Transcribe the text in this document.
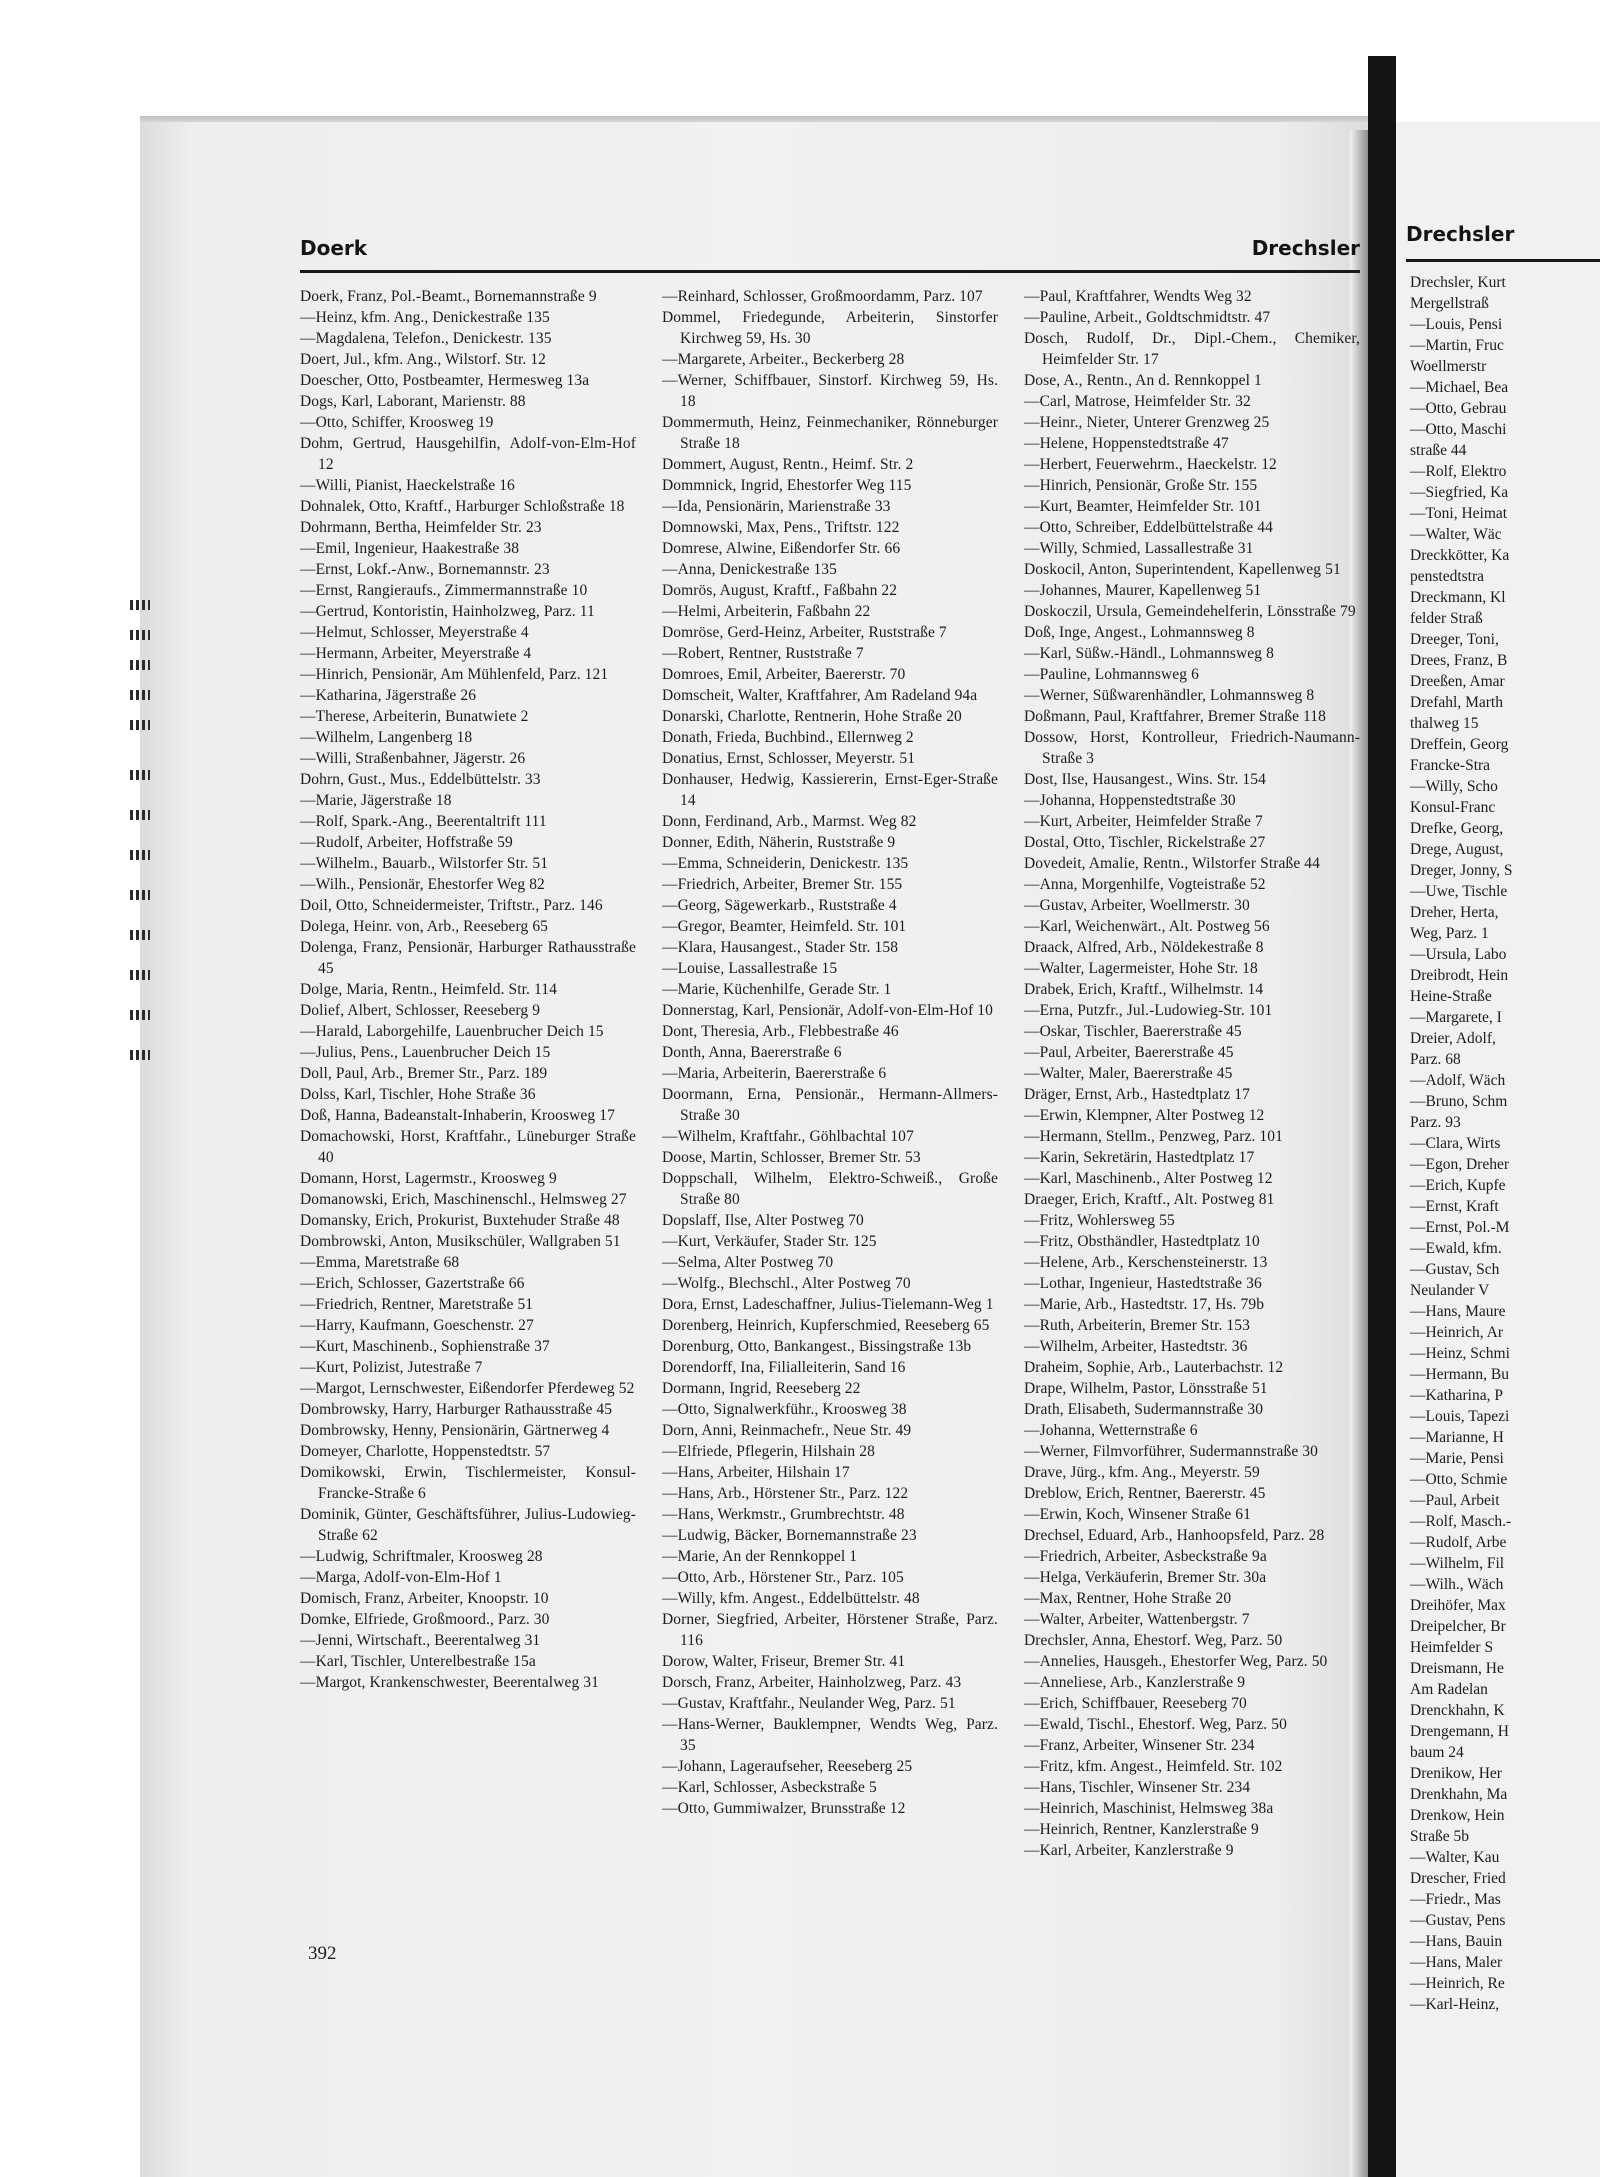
Doerk	Drechsler
Doerk, Franz, Pol.-Beamt., Bornemannstraße 9
—Heinz, kfm. Ang., Denickestraße 135
—Magdalena, Telefon., Denickestr. 135
Doert, Jul., kfm. Ang., Wilstorf. Str. 12
Doescher, Otto, Postbeamter, Hermesweg 13a
Dogs, Karl, Laborant, Marienstr. 88
—Otto, Schiffer, Kroosweg 19
Dohm, Gertrud, Hausgehilfin, Adolf-von-Elm-Hof 12
—Willi, Pianist, Haeckelstraße 16
Dohnalek, Otto, Kraftf., Harburger Schloßstraße 18
Dohrmann, Bertha, Heimfelder Str. 23
—Emil, Ingenieur, Haakestraße 38
—Ernst, Lokf.-Anw., Bornemannstr. 23
—Ernst, Rangieraufs., Zimmermannstraße 10
—Gertrud, Kontoristin, Hainholzweg, Parz. 11
—Helmut, Schlosser, Meyerstraße 4
—Hermann, Arbeiter, Meyerstraße 4
—Hinrich, Pensionär, Am Mühlenfeld, Parz. 121
—Katharina, Jägerstraße 26
—Therese, Arbeiterin, Bunatwiete 2
—Wilhelm, Langenberg 18
—Willi, Straßenbahner, Jägerstr. 26
Dohrn, Gust., Mus., Eddelbüttelstr. 33
—Marie, Jägerstraße 18
—Rolf, Spark.-Ang., Beerentaltrift 111
—Rudolf, Arbeiter, Hoffstraße 59
—Wilhelm., Bauarb., Wilstorfer Str. 51
—Wilh., Pensionär, Ehestorfer Weg 82
Doil, Otto, Schneidermeister, Triftstr., Parz. 146
Dolega, Heinr. von, Arb., Reeseberg 65
Dolenga, Franz, Pensionär, Harburger Rathausstraße 45
Dolge, Maria, Rentn., Heimfeld. Str. 114
Dolief, Albert, Schlosser, Reeseberg 9
—Harald, Laborgehilfe, Lauenbrucher Deich 15
—Julius, Pens., Lauenbrucher Deich 15
Doll, Paul, Arb., Bremer Str., Parz. 189
Dolss, Karl, Tischler, Hohe Straße 36
Doß, Hanna, Badeanstalt-Inhaberin, Kroosweg 17
Domachowski, Horst, Kraftfahr., Lüneburger Straße 40
Domann, Horst, Lagermstr., Kroosweg 9
Domanowski, Erich, Maschinenschl., Helmsweg 27
Domansky, Erich, Prokurist, Buxtehuder Straße 48
Dombrowski, Anton, Musikschüler, Wallgraben 51
—Emma, Maretstraße 68
—Erich, Schlosser, Gazertstraße 66
—Friedrich, Rentner, Maretstraße 51
—Harry, Kaufmann, Goeschenstr. 27
—Kurt, Maschinenb., Sophienstraße 37
—Kurt, Polizist, Jutestraße 7
—Margot, Lernschwester, Eißendorfer Pferdeweg 52
Dombrowsky, Harry, Harburger Rathausstraße 45
Dombrowsky, Henny, Pensionärin, Gärtnerweg 4
Domeyer, Charlotte, Hoppenstedtstr. 57
Domikowski, Erwin, Tischlermeister, Konsul-Francke-Straße 6
Dominik, Günter, Geschäftsführer, Julius-Ludowieg-Straße 62
—Ludwig, Schriftmaler, Kroosweg 28
—Marga, Adolf-von-Elm-Hof 1
Domisch, Franz, Arbeiter, Knoopstr. 10
Domke, Elfriede, Großmoord., Parz. 30
—Jenni, Wirtschaft., Beerentalweg 31
—Karl, Tischler, Unterelbestraße 15a
—Margot, Krankenschwester, Beerentalweg 31
—Reinhard, Schlosser, Großmoordamm, Parz. 107
Dommel, Friedegunde, Arbeiterin, Sinstorfer Kirchweg 59, Hs. 30
—Margarete, Arbeiter., Beckerberg 28
—Werner, Schiffbauer, Sinstorf. Kirchweg 59, Hs. 18
Dommermuth, Heinz, Feinmechaniker, Rönneburger Straße 18
Dommert, August, Rentn., Heimf. Str. 2
Dommnick, Ingrid, Ehestorfer Weg 115
—Ida, Pensionärin, Marienstraße 33
Domnowski, Max, Pens., Triftstr. 122
Domrese, Alwine, Eißendorfer Str. 66
—Anna, Denickestraße 135
Domrös, August, Kraftf., Faßbahn 22
—Helmi, Arbeiterin, Faßbahn 22
Domröse, Gerd-Heinz, Arbeiter, Ruststraße 7
—Robert, Rentner, Ruststraße 7
Domroes, Emil, Arbeiter, Baererstr. 70
Domscheit, Walter, Kraftfahrer, Am Radeland 94a
Donarski, Charlotte, Rentnerin, Hohe Straße 20
Donath, Frieda, Buchbind., Ellernweg 2
Donatius, Ernst, Schlosser, Meyerstr. 51
Donhauser, Hedwig, Kassiererin, Ernst-Eger-Straße 14
Donn, Ferdinand, Arb., Marmst. Weg 82
Donner, Edith, Näherin, Ruststraße 9
—Emma, Schneiderin, Denickestr. 135
—Friedrich, Arbeiter, Bremer Str. 155
—Georg, Sägewerkarb., Ruststraße 4
—Gregor, Beamter, Heimfeld. Str. 101
—Klara, Hausangest., Stader Str. 158
—Louise, Lassallestraße 15
—Marie, Küchenhilfe, Gerade Str. 1
Donnerstag, Karl, Pensionär, Adolf-von-Elm-Hof 10
Dont, Theresia, Arb., Flebbestraße 46
Donth, Anna, Baererstraße 6
—Maria, Arbeiterin, Baererstraße 6
Doormann, Erna, Pensionär., Hermann-Allmers-Straße 30
—Wilhelm, Kraftfahr., Göhlbachtal 107
Doose, Martin, Schlosser, Bremer Str. 53
Doppschall, Wilhelm, Elektro-Schweiß., Große Straße 80
Dopslaff, Ilse, Alter Postweg 70
—Kurt, Verkäufer, Stader Str. 125
—Selma, Alter Postweg 70
—Wolfg., Blechschl., Alter Postweg 70
Dora, Ernst, Ladeschaffner, Julius-Tielemann-Weg 1
Dorenberg, Heinrich, Kupferschmied, Reeseberg 65
Dorenburg, Otto, Bankangest., Bissingstraße 13b
Dorendorff, Ina, Filialleiterin, Sand 16
Dormann, Ingrid, Reeseberg 22
—Otto, Signalwerkführ., Kroosweg 38
Dorn, Anni, Reinmachefr., Neue Str. 49
—Elfriede, Pflegerin, Hilshain 28
—Hans, Arbeiter, Hilshain 17
—Hans, Arb., Hörstener Str., Parz. 122
—Hans, Werkmstr., Grumbrechtstr. 48
—Ludwig, Bäcker, Bornemannstraße 23
—Marie, An der Rennkoppel 1
—Otto, Arb., Hörstener Str., Parz. 105
—Willy, kfm. Angest., Eddelbüttelstr. 48
Dorner, Siegfried, Arbeiter, Hörstener Straße, Parz. 116
Dorow, Walter, Friseur, Bremer Str. 41
Dorsch, Franz, Arbeiter, Hainholzweg, Parz. 43
—Gustav, Kraftfahr., Neulander Weg, Parz. 51
—Hans-Werner, Bauklempner, Wendts Weg, Parz. 35
—Johann, Lageraufseher, Reeseberg 25
—Karl, Schlosser, Asbeckstraße 5
—Otto, Gummiwalzer, Brunsstraße 12
—Paul, Kraftfahrer, Wendts Weg 32
—Pauline, Arbeit., Goldtschmidtstr. 47
Dosch, Rudolf, Dr., Dipl.-Chem., Chemiker, Heimfelder Str. 17
Dose, A., Rentn., An d. Rennkoppel 1
—Carl, Matrose, Heimfelder Str. 32
—Heinr., Nieter, Unterer Grenzweg 25
—Helene, Hoppenstedtstraße 47
—Herbert, Feuerwehrm., Haeckelstr. 12
—Hinrich, Pensionär, Große Str. 155
—Kurt, Beamter, Heimfelder Str. 101
—Otto, Schreiber, Eddelbüttelstraße 44
—Willy, Schmied, Lassallestraße 31
Doskocil, Anton, Superintendent, Kapellenweg 51
—Johannes, Maurer, Kapellenweg 51
Doskoczil, Ursula, Gemeindehelferin, Lönsstraße 79
Doß, Inge, Angest., Lohmannsweg 8
—Karl, Süßw.-Händl., Lohmannsweg 8
—Pauline, Lohmannsweg 6
—Werner, Süßwarenhändler, Lohmannsweg 8
Doßmann, Paul, Kraftfahrer, Bremer Straße 118
Dossow, Horst, Kontrolleur, Friedrich-Naumann-Straße 3
Dost, Ilse, Hausangest., Wins. Str. 154
—Johanna, Hoppenstedtstraße 30
—Kurt, Arbeiter, Heimfelder Straße 7
Dostal, Otto, Tischler, Rickelstraße 27
Dovedeit, Amalie, Rentn., Wilstorfer Straße 44
—Anna, Morgenhilfe, Vogteistraße 52
—Gustav, Arbeiter, Woellmerstr. 30
—Karl, Weichenwärt., Alt. Postweg 56
Draack, Alfred, Arb., Nöldekestraße 8
—Walter, Lagermeister, Hohe Str. 18
Drabek, Erich, Kraftf., Wilhelmstr. 14
—Erna, Putzfr., Jul.-Ludowieg-Str. 101
—Oskar, Tischler, Baererstraße 45
—Paul, Arbeiter, Baererstraße 45
—Walter, Maler, Baererstraße 45
Dräger, Ernst, Arb., Hastedtplatz 17
—Erwin, Klempner, Alter Postweg 12
—Hermann, Stellm., Penzweg, Parz. 101
—Karin, Sekretärin, Hastedtplatz 17
—Karl, Maschinenb., Alter Postweg 12
Draeger, Erich, Kraftf., Alt. Postweg 81
—Fritz, Wohlersweg 55
—Fritz, Obsthändler, Hastedtplatz 10
—Helene, Arb., Kerschensteinerstr. 13
—Lothar, Ingenieur, Hastedtstraße 36
—Marie, Arb., Hastedtstr. 17, Hs. 79b
—Ruth, Arbeiterin, Bremer Str. 153
—Wilhelm, Arbeiter, Hastedtstr. 36
Draheim, Sophie, Arb., Lauterbachstr. 12
Drape, Wilhelm, Pastor, Lönsstraße 51
Drath, Elisabeth, Sudermannstraße 30
—Johanna, Wetternstraße 6
—Werner, Filmvorführer, Sudermannstraße 30
Drave, Jürg., kfm. Ang., Meyerstr. 59
Dreblow, Erich, Rentner, Baererstr. 45
—Erwin, Koch, Winsener Straße 61
Drechsel, Eduard, Arb., Hanhoopsfeld, Parz. 28
—Friedrich, Arbeiter, Asbeckstraße 9a
—Helga, Verkäuferin, Bremer Str. 30a
—Max, Rentner, Hohe Straße 20
—Walter, Arbeiter, Wattenbergstr. 7
Drechsler, Anna, Ehestorf. Weg, Parz. 50
—Annelies, Hausgeh., Ehestorfer Weg, Parz. 50
—Anneliese, Arb., Kanzlerstraße 9
—Erich, Schiffbauer, Reeseberg 70
—Ewald, Tischl., Ehestorf. Weg, Parz. 50
—Franz, Arbeiter, Winsener Str. 234
—Fritz, kfm. Angest., Heimfeld. Str. 102
—Hans, Tischler, Winsener Str. 234
—Heinrich, Maschinist, Helmsweg 38a
—Heinrich, Rentner, Kanzlerstraße 9
—Karl, Arbeiter, Kanzlerstraße 9
392
Drechsler
Drechsler, Kurt
Mergellstraß
—Louis, Pensi
—Martin, Fruc
Woellmerstr
—Michael, Bea
—Otto, Gebrau
—Otto, Maschi
straße 44
—Rolf, Elektro
—Siegfried, Ka
—Toni, Heimat
—Walter, Wäc
Dreckkötter, Ka
penstedtstra
Dreckmann, Kl
felder Straß
Dreeger, Toni,
Drees, Franz, B
Dreeßen, Amar
Drefahl, Marth
thalweg 15
Dreffein, Georg
Francke-Stra
—Willy, Scho
Konsul-Franc
Drefke, Georg,
Drege, August,
Dreger, Jonny, S
—Uwe, Tischle
Dreher, Herta,
Weg, Parz. 1
—Ursula, Labo
Dreibrodt, Hein
Heine-Straße
—Margarete, I
Dreier, Adolf,
Parz. 68
—Adolf, Wäch
—Bruno, Schm
Parz. 93
—Clara, Wirts
—Egon, Dreher
—Erich, Kupfe
—Ernst, Kraft
—Ernst, Pol.-M
—Ewald, kfm.
—Gustav, Sch
Neulander V
—Hans, Maure
—Heinrich, Ar
—Heinz, Schmi
—Hermann, Bu
—Katharina, P
—Louis, Tapezi
—Marianne, H
—Marie, Pensi
—Otto, Schmie
—Paul, Arbeit
—Rolf, Masch.-
—Rudolf, Arbe
—Wilhelm, Fil
—Wilh., Wäch
Dreihöfer, Max
Dreipelcher, Br
Heimfelder S
Dreismann, He
Am Radelan
Drenckhahn, K
Drengemann, H
baum 24
Drenikow, Her
Drenkhahn, Ma
Drenkow, Hein
Straße 5b
—Walter, Kau
Drescher, Fried
—Friedr., Mas
—Gustav, Pens
—Hans, Bauin
—Hans, Maler
—Heinrich, Re
—Karl-Heinz,
